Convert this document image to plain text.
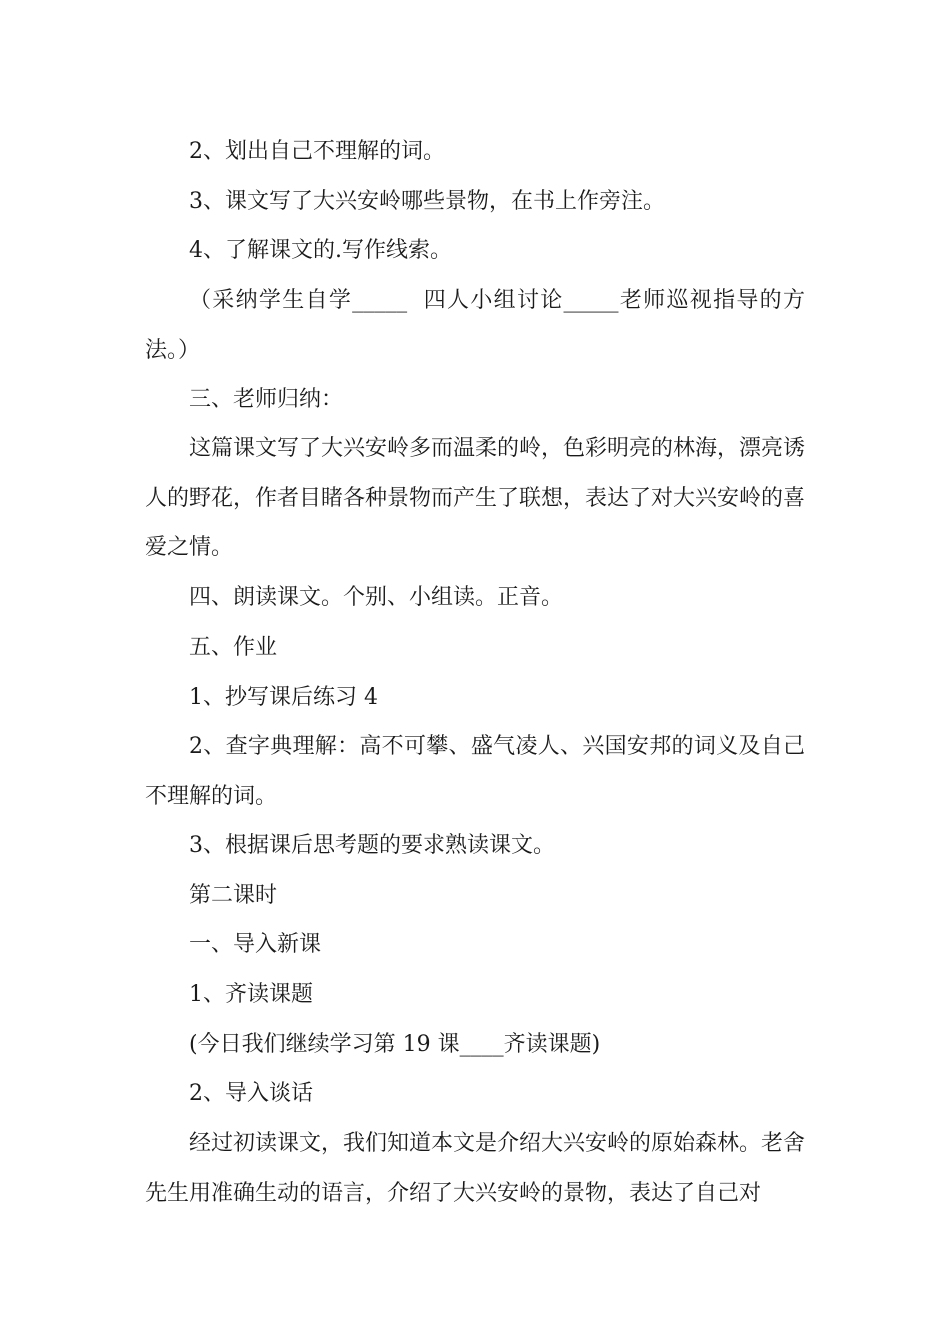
2、划出自己不理解的词。

3、课文写了大兴安岭哪些景物，在书上作旁注。

4、了解课文的.写作线索。

（采纳学生自学_____  四人小组讨论_____老师巡视指导的方法。）

三、老师归纳：

这篇课文写了大兴安岭多而温柔的岭，色彩明亮的林海，漂亮诱人的野花，作者目睹各种景物而产生了联想，表达了对大兴安岭的喜爱之情。

四、朗读课文。个别、小组读。正音。

五、作业

1、抄写课后练习 4

2、查字典理解：高不可攀、盛气凌人、兴国安邦的词义及自己不理解的词。

3、根据课后思考题的要求熟读课文。

第二课时

一、导入新课

1、齐读课题

(今日我们继续学习第 19 课____齐读课题)

2、导入谈话

经过初读课文，我们知道本文是介绍大兴安岭的原始森林。老舍先生用准确生动的语言，介绍了大兴安岭的景物，表达了自己对
